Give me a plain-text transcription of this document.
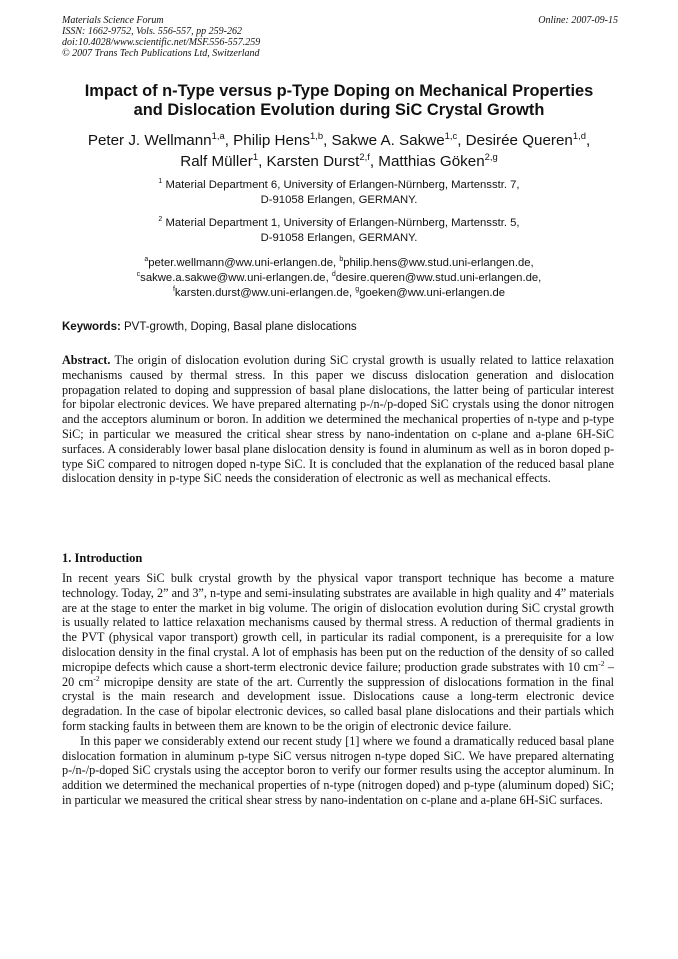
Materials Science Forum
ISSN: 1662-9752, Vols. 556-557, pp 259-262
doi:10.4028/www.scientific.net/MSF.556-557.259
© 2007 Trans Tech Publications Ltd, Switzerland
Online: 2007-09-15
Impact of n-Type versus p-Type Doping on Mechanical Properties
and Dislocation Evolution during SiC Crystal Growth
Peter J. Wellmann$^{1,a}$, Philip Hens$^{1,b}$, Sakwe A. Sakwe$^{1,c}$, Desirée Queren$^{1,d}$,
Ralf Müller$^1$, Karsten Durst$^{2,f}$, Matthias Göken$^{2,g}$
$^1$ Material Department 6, University of Erlangen-Nürnberg, Martensstr. 7,
D-91058 Erlangen, GERMANY.
$^2$ Material Department 1, University of Erlangen-Nürnberg, Martensstr. 5,
D-91058 Erlangen, GERMANY.
$^a$peter.wellmann@ww.uni-erlangen.de, $^b$philip.hens@ww.stud.uni-erlangen.de,
$^c$sakwe.a.sakwe@ww.uni-erlangen.de, $^d$desire.queren@ww.stud.uni-erlangen.de,
$^f$karsten.durst@ww.uni-erlangen.de, $^g$goeken@ww.uni-erlangen.de
Keywords: PVT-growth, Doping, Basal plane dislocations
Abstract. The origin of dislocation evolution during SiC crystal growth is usually related to lattice relaxation mechanisms caused by thermal stress. In this paper we discuss dislocation generation and dislocation propagation related to doping and suppression of basal plane dislocations, the latter being of particular interest for bipolar electronic devices. We have prepared alternating p-/n-/p-doped SiC crystals using the donor nitrogen and the acceptors aluminum or boron. In addition we determined the mechanical properties of n-type and p-type SiC; in particular we measured the critical shear stress by nano-indentation on c-plane and a-plane 6H-SiC surfaces. A considerably lower basal plane dislocation density is found in aluminum as well as in boron doped p-type SiC compared to nitrogen doped n-type SiC. It is concluded that the explanation of the reduced basal plane dislocation density in p-type SiC needs the consideration of electronic as well as mechanical effects.
1. Introduction

In recent years SiC bulk crystal growth by the physical vapor transport technique has become a mature technology. Today, 2” and 3”, n-type and semi-insulating substrates are available in high quality and 4” materials are at the stage to enter the market in big volume. The origin of dislocation evolution during SiC crystal growth is usually related to lattice relaxation mechanisms caused by thermal stress. A reduction of thermal gradients in the PVT (physical vapor transport) growth cell, in particular its radial component, is a prerequisite for a low dislocation density in the final crystal. A lot of emphasis has been put on the reduction of the density of so called micropipe defects which cause a short-term electronic device failure; production grade substrates with 10 $cm^{-2} - 20$ $cm^{-2}$ micropipe density are state of the art. Currently the suppression of dislocations formation in the final crystal is the main research and development issue. Dislocations cause a long-term electronic device degradation. In the case of bipolar electronic devices, so called basal plane dislocations and their partials which form stacking faults in between them are known to be the origin of electronic device failure.

In this paper we considerably extend our recent study [1] where we found a dramatically reduced basal plane dislocation formation in aluminum p-type SiC versus nitrogen n-type doped SiC. We have prepared alternating p-/n-/p-doped SiC crystals using the acceptor boron to verify our former results using the acceptor aluminum. In addition we determined the mechanical properties of n-type (nitrogen doped) and p-type (aluminum doped) SiC; in particular we measured the critical shear stress by nano-indentation on c-plane and a-plane 6H-SiC surfaces.
